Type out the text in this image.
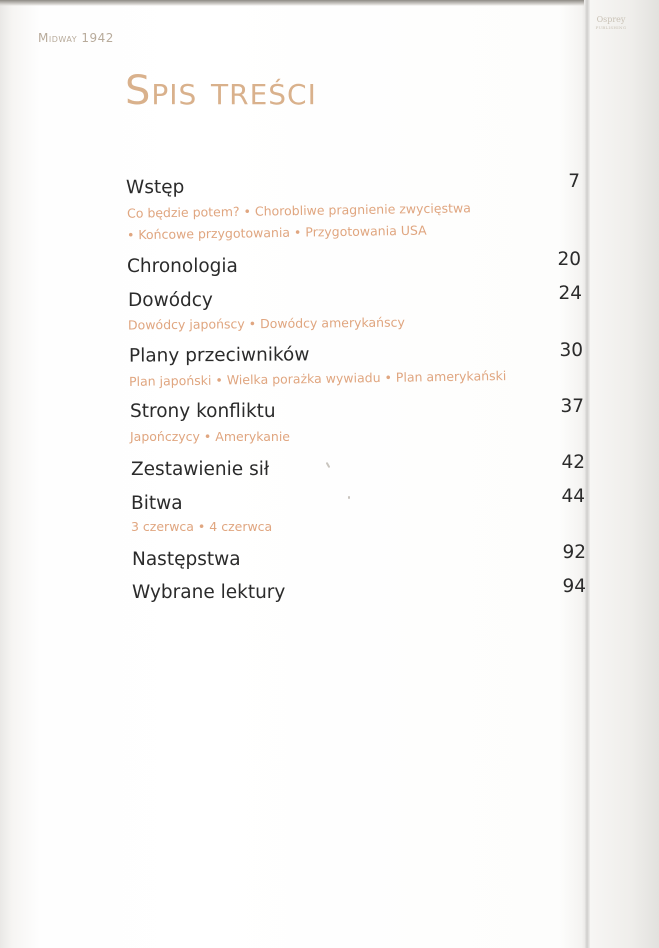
Midway 1942
Osprey
PUBLISHING
Spis treści
Wstęp	7
Co będzie potem? • Chorobliwe pragnienie zwycięstwa
• Końcowe przygotowania • Przygotowania USA
Chronologia	20
Dowódcy	24
Dowódcy japońscy • Dowódcy amerykańscy
Plany przeciwników	30
Plan japoński • Wielka porażka wywiadu • Plan amerykański
Strony konfliktu	37
Japończycy • Amerykanie
Zestawienie sił	42
Bitwa	44
3 czerwca • 4 czerwca
Następstwa	92
Wybrane lektury	94
